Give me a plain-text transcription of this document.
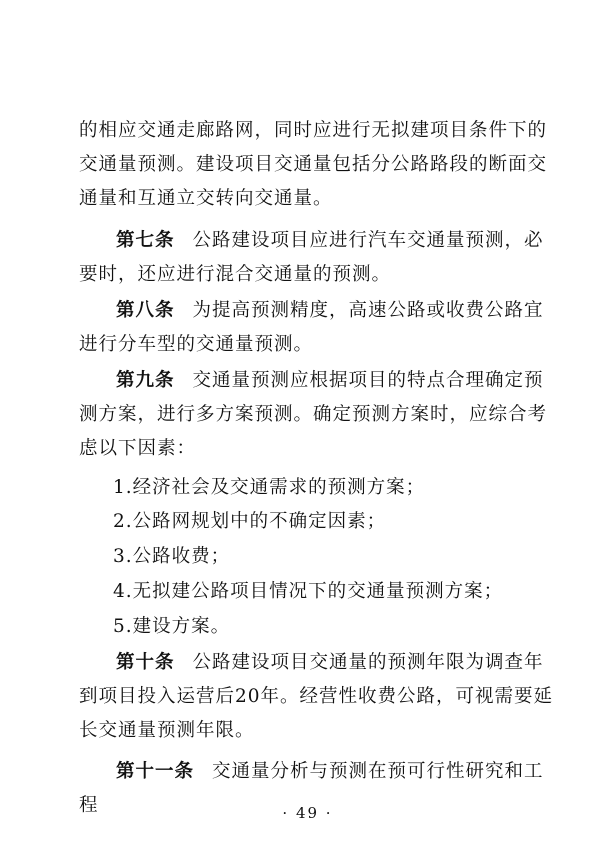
的相应交通走廊路网，同时应进行无拟建项目条件下的交通量预测。建设项目交通量包括分公路路段的断面交通量和互通立交转向交通量。
第七条 公路建设项目应进行汽车交通量预测，必要时，还应进行混合交通量的预测。
第八条 为提高预测精度，高速公路或收费公路宜进行分车型的交通量预测。
第九条 交通量预测应根据项目的特点合理确定预测方案，进行多方案预测。确定预测方案时，应综合考虑以下因素：
1.经济社会及交通需求的预测方案；
2.公路网规划中的不确定因素；
3.公路收费；
4.无拟建公路项目情况下的交通量预测方案；
5.建设方案。
第十条 公路建设项目交通量的预测年限为调查年到项目投入运营后20年。经营性收费公路，可视需要延长交通量预测年限。
第十一条 交通量分析与预测在预可行性研究和工程	· 49 ·
